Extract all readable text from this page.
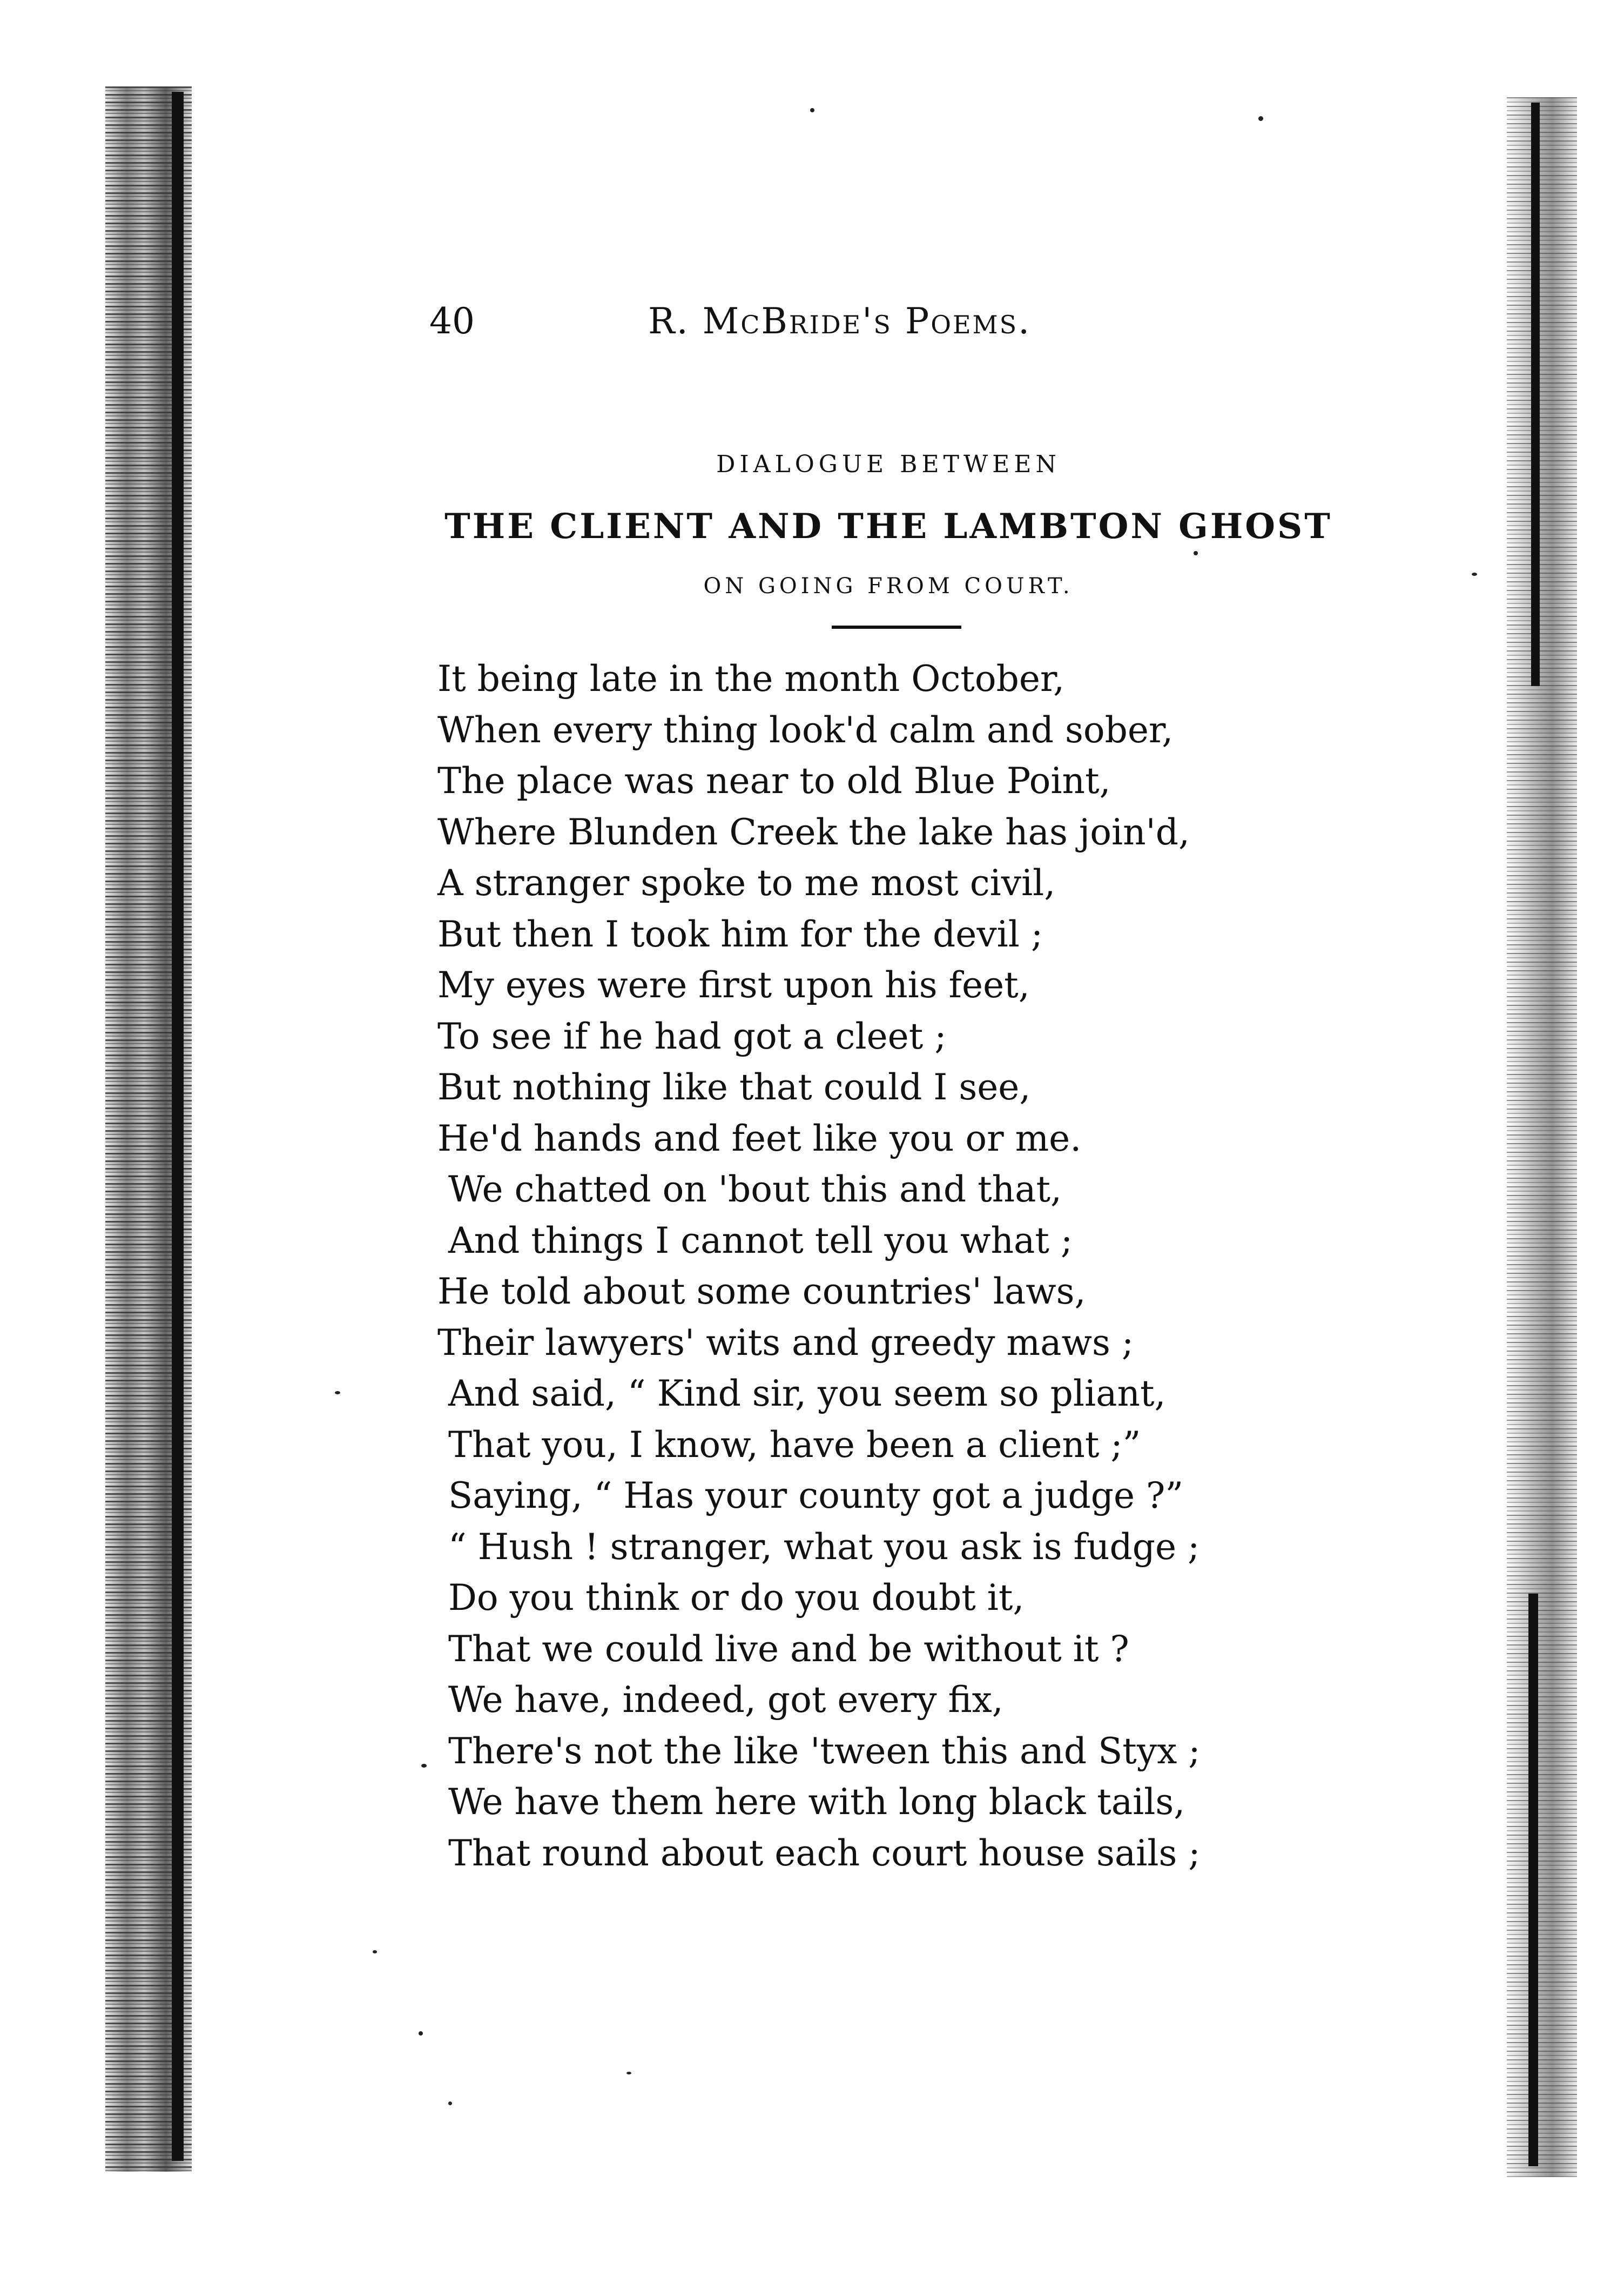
40	R. McBride's Poems.
DIALOGUE BETWEEN
THE CLIENT AND THE LAMBTON GHOST
ON GOING FROM COURT.
It being late in the month October,
When every thing look'd calm and sober,
The place was near to old Blue Point,
Where Blunden Creek the lake has join'd,
A stranger spoke to me most civil,
But then I took him for the devil ;
My eyes were first upon his feet,
To see if he had got a cleet ;
But nothing like that could I see,
He'd hands and feet like you or me.
We chatted on 'bout this and that,
And things I cannot tell you what ;
He told about some countries' laws,
Their lawyers' wits and greedy maws ;
And said, “ Kind sir, you seem so pliant,
That you, I know, have been a client ;”
Saying, “ Has your county got a judge ?”
“ Hush ! stranger, what you ask is fudge ;
Do you think or do you doubt it,
That we could live and be without it ?
We have, indeed, got every fix,
There's not the like 'tween this and Styx ;
We have them here with long black tails,
That round about each court house sails ;
